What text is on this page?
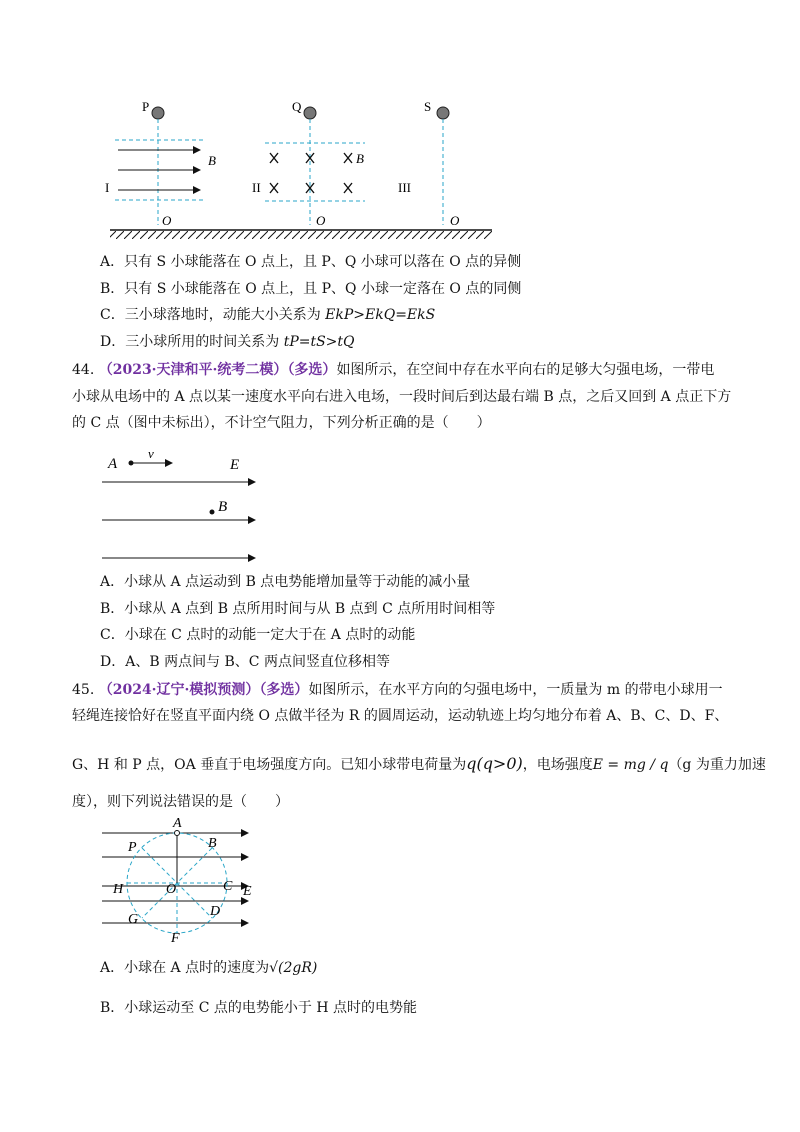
P
B
I
O
Q
B
II
O
S
III
O
A．只有 S 小球能落在 O 点上，且 P、Q 小球可以落在 O 点的异侧
B．只有 S 小球能落在 O 点上，且 P、Q 小球一定落在 O 点的同侧
C．三小球落地时，动能大小关系为 EkP>EkQ=EkS
D．三小球所用的时间关系为 tP=tS>tQ
44. （2023·天津和平·统考二模）（多选）如图所示，在空间中存在水平向右的足够大匀强电场，一带电
小球从电场中的 A 点以某一速度水平向右进入电场，一段时间后到达最右端 B 点，之后又回到 A 点正下方
的 C 点（图中未标出），不计空气阻力，下列分析正确的是（　　）
A
v
E
B
A．小球从 A 点运动到 B 点电势能增加量等于动能的减小量
B．小球从 A 点到 B 点所用时间与从 B 点到 C 点所用时间相等
C．小球在 C 点时的动能一定大于在 A 点时的动能
D．A、B 两点间与 B、C 两点间竖直位移相等
45. （2024·辽宁·模拟预测）（多选）如图所示，在水平方向的匀强电场中，一质量为 m 的带电小球用一
轻绳连接恰好在竖直平面内绕 O 点做半径为 R 的圆周运动，运动轨迹上均匀地分布着 A、B、C、D、F、
G、H 和 P 点，OA 垂直于电场强度方向。已知小球带电荷量为q(q>0)，电场强度E = mg / q（g 为重力加速
度），则下列说法错误的是（　　）
A
B
C E
D
F
G
H	O
P
A．小球在 A 点时的速度为√(2gR)
B．小球运动至 C 点的电势能小于 H 点时的电势能
